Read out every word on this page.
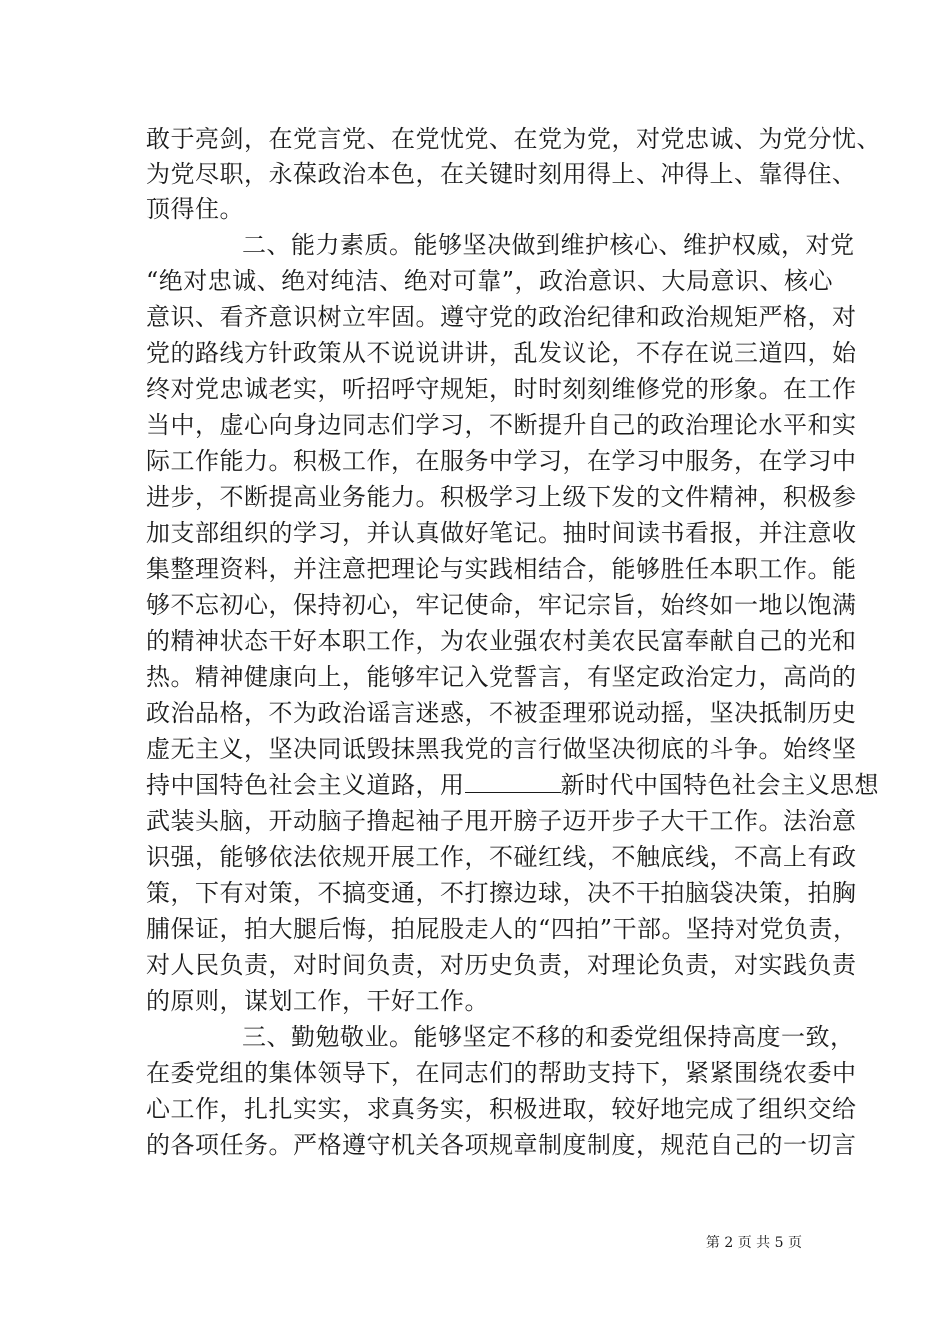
敢于亮剑，在党言党、在党忧党、在党为党，对党忠诚、为党分忧、
为党尽职，永葆政治本色，在关键时刻用得上、冲得上、靠得住、
顶得住。
二、能力素质。能够坚决做到维护核心、维护权威，对党
“绝对忠诚、绝对纯洁、绝对可靠”，政治意识、大局意识、核心
意识、看齐意识树立牢固。遵守党的政治纪律和政治规矩严格，对
党的路线方针政策从不说说讲讲，乱发议论，不存在说三道四，始
终对党忠诚老实，听招呼守规矩，时时刻刻维修党的形象。在工作
当中，虚心向身边同志们学习，不断提升自己的政治理论水平和实
际工作能力。积极工作，在服务中学习，在学习中服务，在学习中
进步，不断提高业务能力。积极学习上级下发的文件精神，积极参
加支部组织的学习，并认真做好笔记。抽时间读书看报，并注意收
集整理资料，并注意把理论与实践相结合，能够胜任本职工作。能
够不忘初心，保持初心，牢记使命，牢记宗旨，始终如一地以饱满
的精神状态干好本职工作，为农业强农村美农民富奉献自己的光和
热。精神健康向上，能够牢记入党誓言，有坚定政治定力，高尚的
政治品格，不为政治谣言迷惑，不被歪理邪说动摇，坚决抵制历史
虚无主义，坚决同诋毁抹黑我党的言行做坚决彻底的斗争。始终坚
持中国特色社会主义道路，用	新时代中国特色社会主义思想
武装头脑，开动脑子撸起袖子甩开膀子迈开步子大干工作。法治意
识强，能够依法依规开展工作，不碰红线，不触底线，不高上有政
策，下有对策，不搞变通，不打擦边球，决不干拍脑袋决策，拍胸
脯保证，拍大腿后悔，拍屁股走人的“四拍”干部。坚持对党负责，
对人民负责，对时间负责，对历史负责，对理论负责，对实践负责
的原则，谋划工作，干好工作。
三、勤勉敬业。能够坚定不移的和委党组保持高度一致，
在委党组的集体领导下，在同志们的帮助支持下，紧紧围绕农委中
心工作，扎扎实实，求真务实，积极进取，较好地完成了组织交给
的各项任务。严格遵守机关各项规章制度制度，规范自己的一切言
第 2 页 共 5 页
